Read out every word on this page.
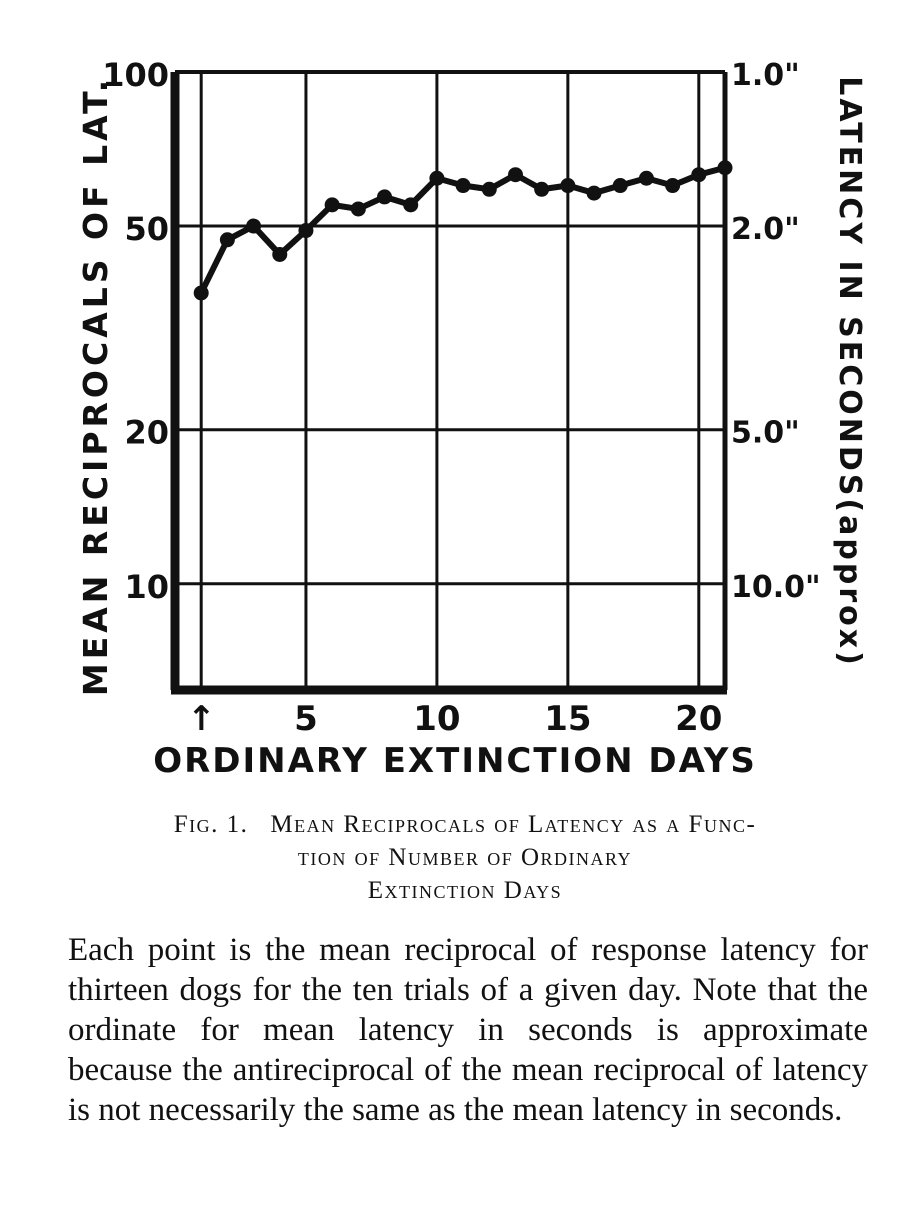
100
50
20
10
1.0"
2.0"
5.0"
10.0"
5	10 15 20
↑
ORDINARY EXTINCTION DAYS
MEAN RECIPROCALS OF LAT.	LATENCY IN SECONDS(approx)
Fig. 1. Mean Reciprocals of Latency as a Func-
tion of Number of Ordinary
Extinction Days
Each point is the mean reciprocal of response latency for thirteen dogs for the ten trials of a given day. Note that the ordinate for mean latency in seconds is approximate because the antireciprocal of the mean reciprocal of latency is not necessarily the same as the mean latency in seconds.
